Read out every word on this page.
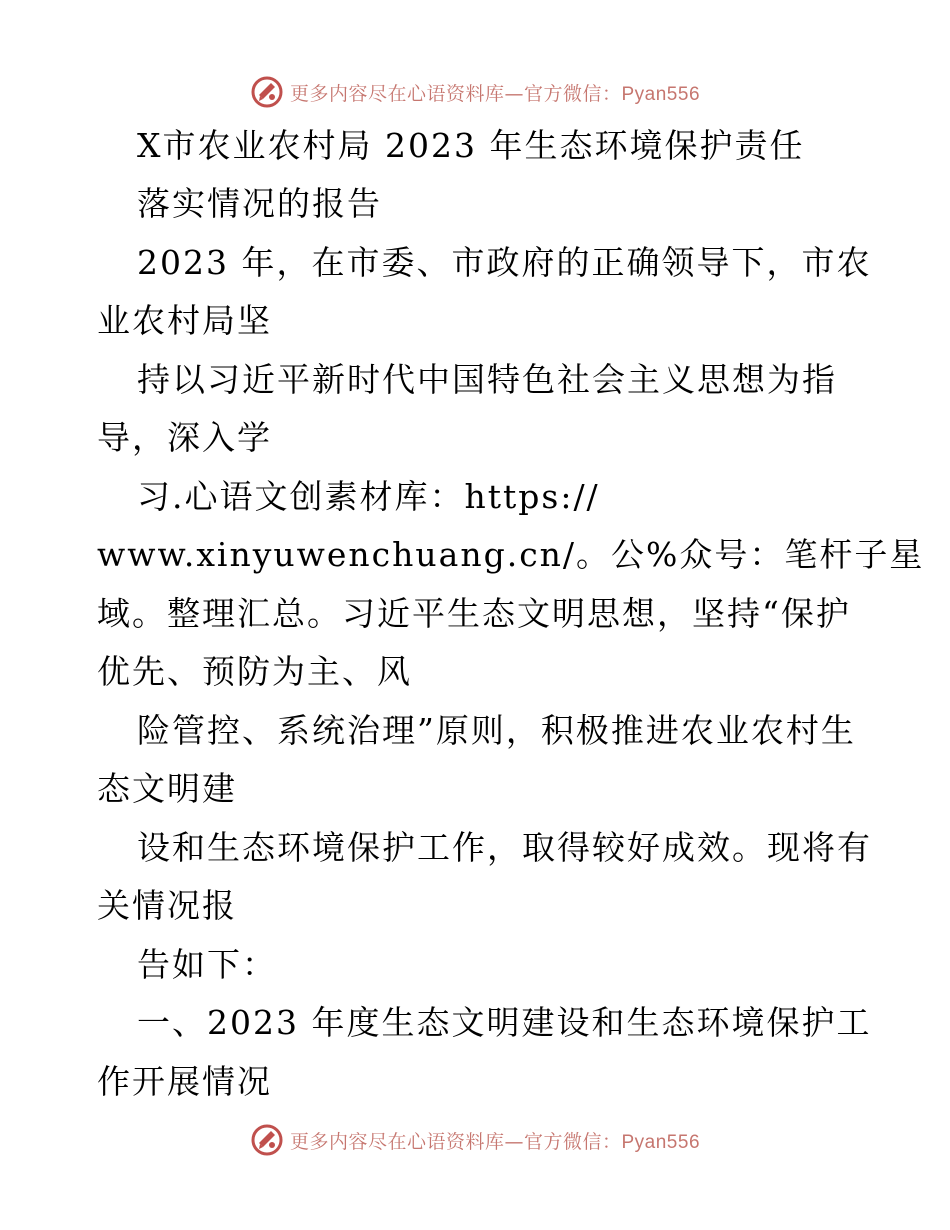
更多内容尽在心语资料库—官方微信：Pyan556
X市农业农村局 2023 年生态环境保护责任
落实情况的报告
2023 年，在市委、市政府的正确领导下，市农
业农村局坚
持以习近平新时代中国特色社会主义思想为指
导，深入学
习.心语文创素材库：https://
www.xinyuwenchuang.cn/。公%众号：笔杆子星
域。整理汇总。习近平生态文明思想，坚持“保护
优先、预防为主、风
险管控、系统治理”原则，积极推进农业农村生
态文明建
设和生态环境保护工作，取得较好成效。现将有
关情况报
告如下：
一、2023 年度生态文明建设和生态环境保护工
作开展情况
更多内容尽在心语资料库—官方微信：Pyan556
